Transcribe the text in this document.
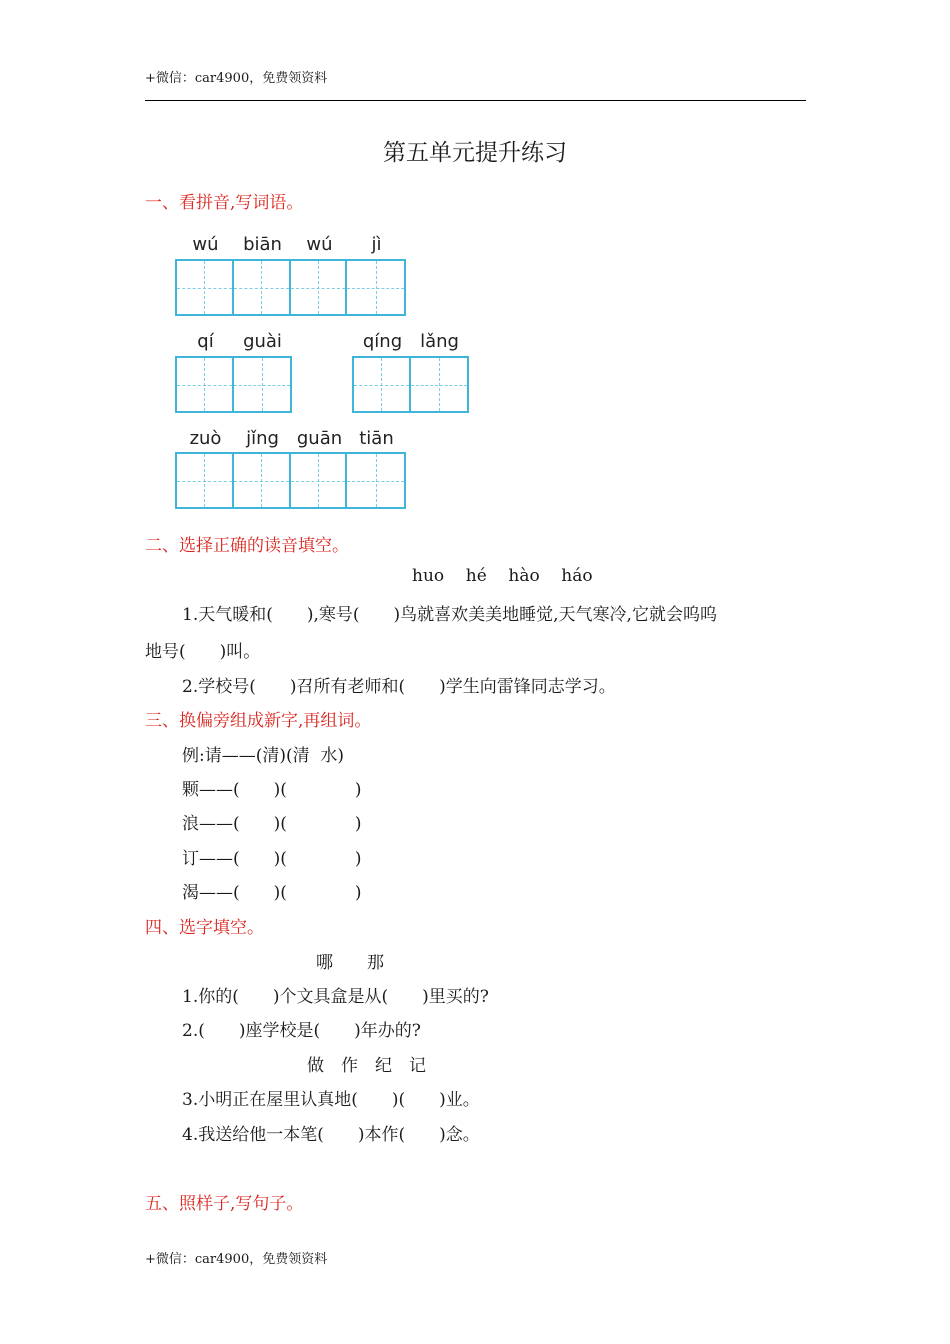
+微信：car4900，免费领资料
第五单元提升练习
一、看拼音,写词语。
wú	biān	wú	jì
qí	guài	qíng lǎng
zuò	jǐng guān tiān
二、选择正确的读音填空。
huo    hé    hào    háo
1.天气暖和(　　),寒号(　　)鸟就喜欢美美地睡觉,天气寒冷,它就会呜呜
地号(　　)叫。
2.学校号(　　)召所有老师和(　　)学生向雷锋同志学习。
三、换偏旁组成新字,再组词。
例:请——(清)(清  水)
颗——(　　)(　　　　)
浪——(　　)(　　　　)
订——(　　)(　　　　)
渴——(　　)(　　　　)
四、选字填空。
哪　　那
1.你的(　　)个文具盒是从(　　)里买的?
2.(　　)座学校是(　　)年办的?
做　作　纪　记
3.小明正在屋里认真地(　　)(　　)业。
4.我送给他一本笔(　　)本作(　　)念。
五、照样子,写句子。
+微信：car4900，免费领资料
